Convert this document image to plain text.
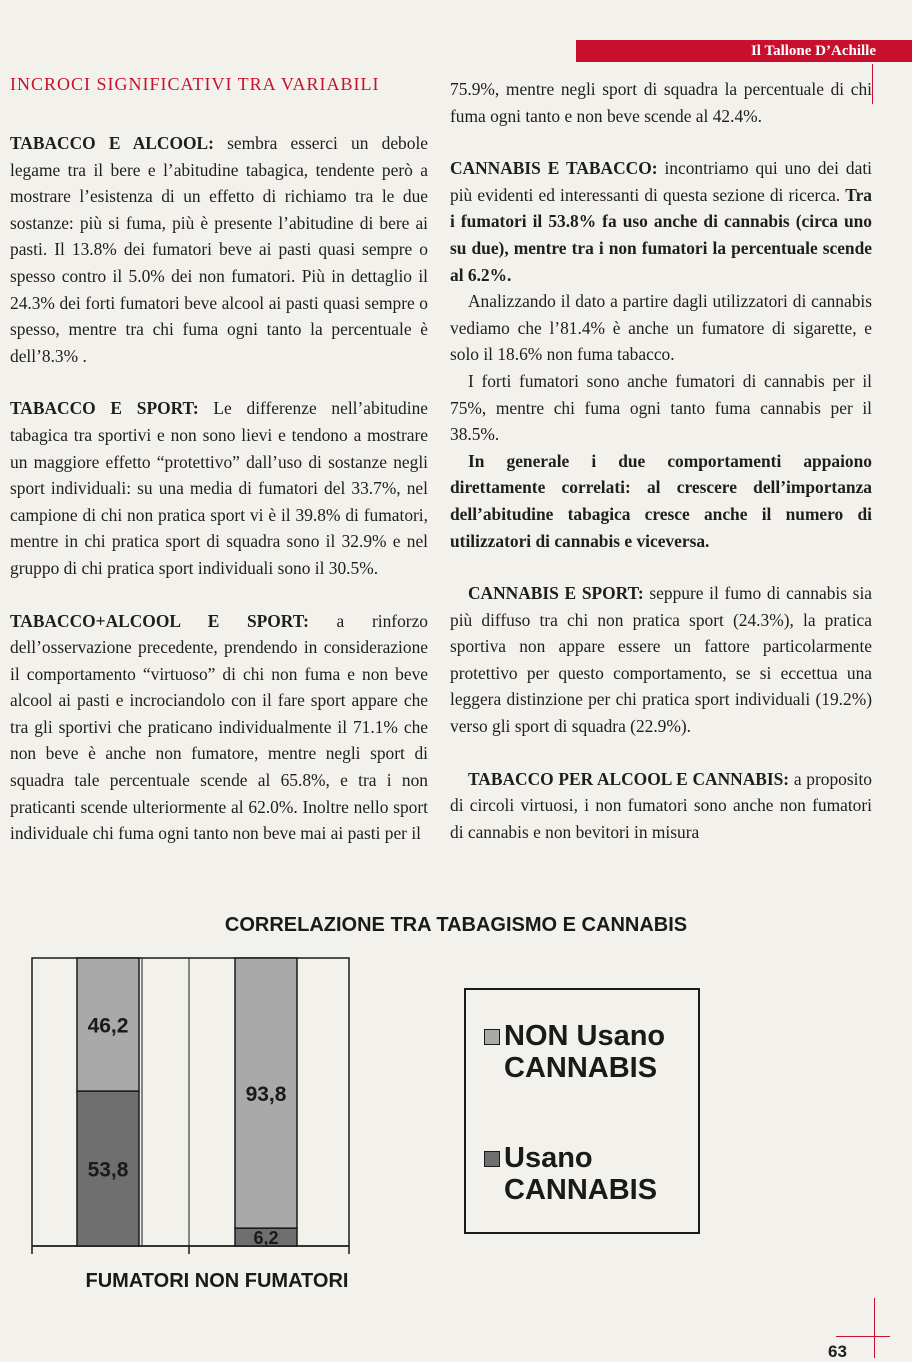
Il Tallone D’Achille
INCROCI SIGNIFICATIVI TRA VARIABILI

TABACCO E ALCOOL: sembra esserci un debole legame tra il bere e l’abitudine tabagica, tendente però a mostrare l’esistenza di un effetto di richiamo tra le due sostanze: più si fuma, più è presente l’abitudine di bere ai pasti. Il 13.8% dei fumatori beve ai pasti quasi sempre o spesso contro il 5.0% dei non fumatori. Più in dettaglio il 24.3% dei forti fumatori beve alcool ai pasti quasi sempre o spesso, mentre tra chi fuma ogni tanto la percentuale è dell’8.3% .

TABACCO E SPORT: Le differenze nell’abitudine tabagica tra sportivi e non sono lievi e tendono a mostrare un maggiore effetto “protettivo” dall’uso di sostanze negli sport individuali: su una media di fumatori del 33.7%, nel campione di chi non pratica sport vi è il 39.8% di fumatori, mentre in chi pratica sport di squadra sono il 32.9% e nel gruppo di chi pratica sport individuali sono il 30.5%.

TABACCO+ALCOOL E SPORT: a rinforzo dell’osservazione precedente, prendendo in considerazione il comportamento “virtuoso” di chi non fuma e non beve alcool ai pasti e incrociandolo con il fare sport appare che tra gli sportivi che praticano individualmente il 71.1% che non beve è anche non fumatore, mentre negli sport di squadra tale percentuale scende al 65.8%, e tra i non praticanti scende ulteriormente al 62.0%. Inoltre nello sport individuale chi fuma ogni tanto non beve mai ai pasti per il

75.9%, mentre negli sport di squadra la percentuale di chi fuma ogni tanto e non beve scende al 42.4%.

CANNABIS E TABACCO: incontriamo qui uno dei dati più evidenti ed interessanti di questa sezione di ricerca. Tra i fumatori il 53.8% fa uso anche di cannabis (circa uno su due), mentre tra i non fumatori la percentuale scende al 6.2%.

Analizzando il dato a partire dagli utilizzatori di cannabis vediamo che l’81.4% è anche un fumatore di sigarette, e solo il 18.6% non fuma tabacco.

I forti fumatori sono anche fumatori di cannabis per il 75%, mentre chi fuma ogni tanto fuma cannabis per il 38.5%.

In generale i due comportamenti appaiono direttamente correlati: al crescere dell’importanza dell’abitudine tabagica cresce anche il numero di utilizzatori di cannabis e viceversa.

CANNABIS E SPORT: seppure il fumo di cannabis sia più diffuso tra chi non pratica sport (24.3%), la pratica sportiva non appare essere un fattore particolarmente protettivo per questo comportamento, se si eccettua una leggera distinzione per chi pratica sport individuali (19.2%) verso gli sport di squadra (22.9%).

TABACCO PER ALCOOL E CANNABIS: a proposito di circoli virtuosi, i non fumatori sono anche non fumatori di cannabis e non bevitori in misura

CORRELAZIONE TRA TABAGISMO E CANNABIS
53,8
46,2
6,2
93,8
FUMATORI NON FUMATORI
NON Usano
CANNABIS
Usano
CANNABIS
63
